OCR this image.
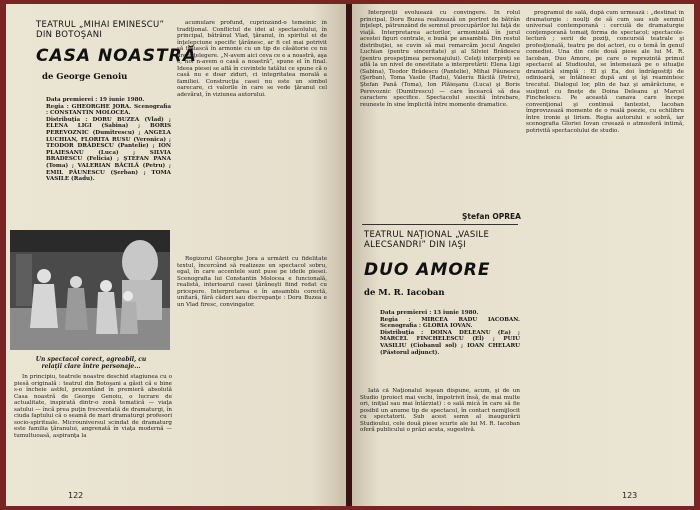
TEATRUL „MIHAI EMINESCU”
DIN BOTOŞANI
CASA NOASTRĂ
de George Genoiu
Data premierei : 19 iunie 1980.
Regia : GHEORGHE JORA. Scenografia : CONSTANTIN MOLOCEA.
Distribuţia : DORU BUZEA (Vlad) ; ELENA LIGI (Sabina) ; BORIS PEREVOZNIC (Dumitrescu) ; ANGELA LUCHIAN, FLORITA RUSU (Veronica) ; TEODOR DRĂDESCU (Pantelie) ; ION PLAIESANU (Luca) ; SILVIA BRADESCU (Felicia) ; ŞTEFAN PANA (Toma) ; VALERIAN BĂCILĂ (Petru) ; EMIL PĂUNESCU (Şerban) ; TOMA VASILE (Radu).

acumulare profund, cuprinzând-o temeinic în tradiţional. Conflictul de idei al spectacolului, în principal, bătrânul Vlad, ţăranul, în spiritul ei de înţelepciune specific ţărănesc, ar fi cel mai potrivit să trăiască în armonie cu un tip de căsătorie ce nu are înţelegere. „N-avem aici ceva ce e a noastră, aşa e, noi n-avem o casă a noastră”, spune el în final. Ideea piesei se află în cuvintele tatălui ce spune că o casă nu e doar ziduri, ci integritatea morală a familiei. Construcţia casei nu este un simbol oarecare, ci valorile în care se vede ţăranul cel adevărat, în viziunea autorului.

Un spectacol corect, agreabil, cu
relaţii clare între personaje...

În principiu, teatrele noastre deschid stagiunea cu o piesă originală : teatrul din Botoşani a găsit că e bine s-o încheie astfel, prezentând în premieră absolută Casa noastră de George Genoiu, o lucrare de actualitate, inspirată dintr-o zonă tematică — viaţa satului — încă prea puţin frecventată de dramaturgi, în ciuda faptului că o seamă de mari dramaturgi profesori socio-spirituale. Microuniversul scindat de dramaturg este familia ţăranului, angrenată în viaţa modernă — tumultuoasă, aspiranţa la

Regizorul Gheorghe Jora a urmărit cu fidelitate textul, încercând să realizeze un spectacol sobru, egal, în care accentele sunt puse pe ideile piesei. Scenografia lui Constantin Molocea e funcională, realistă, interioarul casei ţărăneşti fiind redat cu pricepere. Interpretarea e în ansamblu corectă, unitară, fără căderi sau discrepanţe : Doru Buzea e un Vlad firesc, convingator.

122

Interpreţii evoluează cu convingere. În rolul principal, Doru Buzea realizează un portret de bătrân înţelept, pătrunzând de semnul preocupărilor lui faţă de viaţă. Interpretarea actorilor, armonizată în jurul acestei figuri centrale, e bună pe ansamblu. Din restul distribuţiei, se cuvin să mai remarcăm jocul Angelei Luchian (pentru sinceritate) şi al Silviei Brădescu (pentru prospeţimea personajului). Celeţi interpreţi se află la un nivel de onestitate a interpretării: Elena Ligi (Sabina), Teodor Brădescu (Pantelie), Mihai Păunescu (Şerban), Toma Vasile (Radu), Valeriu Băcilă (Petru), Ştefan Pană (Toma), Ion Plăieşanu (Luca) şi Boris Perevoznic (Dumitrescu) — care încearcă să dea caractere specifice. Spectacolul suscită întrebare, reuneste în sine împlicită între momente dramatice.

Ştefan OPREA
TEATRUL NAŢIONAL „VASILE
ALECSANDRI” DIN IAŞI
DUO AMORE
de M. R. Iacoban
Data premierei : 13 iunie 1980.
Regia : MIRCEA RADU IACOBAN. Scenografia : GLORIA IOVAN.
Distribuţia : DOINA DELEANU (Ea) ; MARCEL FINCHELESCU (El) ; PUIU VASILIU (Ciobanul sol) ; IOAN CHELARU (Păstorul adjunct).

Iată că Naţionalul ieşean dispune, acum, şi de un Studio (proiect mai vechi, împotrivit însă, de mai multe ori, iniţial sau mai întârziat) : o sală mică în care să fie posibil un anume tip de spectacol, în contact nemijlocit cu spectatorii. Sub acest semn al inaugurării Studioului, cele două piese scurte ale lui M. R. Iacoban oferă publicului o prăzi acuta, sugestivă.

programul de sală, după cum urmează : „destinat în dramaturgie : noulţi de să cum sau sub semnul universal contemporană : cerculâ de dramaturgie conţemporană tomaiţ forma de spectacol; spectacole-lectură ; serii de poziţi, concursiă teatrale şi profesţională, teatru pe doi actori, cu o temă în genul comediei. Una din cele două piese ale lui M. R. Iacoban, Duo Amore, pe care o reprezintă primul spectacol al Studioului, se întemeiază pe o situaţie dramatică simplă : El şi Ea, doi îndrăgostiţi de odinioară, se întâlnesc după ani şi îşi reamintesc trecutul. Dialogul lor, plin de haz şi amărăciune, e susţinut cu fineţe de Doina Deleanu şi Marcel Finchelescu. Pe această canava care începe convenţional şi continuă fantezist, Iacoban împrovızează momente de o reală poezie, cu echilibru între ironie şi lirism. Regia autorului e sobră, iar scenografia Gloriei Iovan creează o atmosferă intimă, potrivită spectacolului de studio.

123
